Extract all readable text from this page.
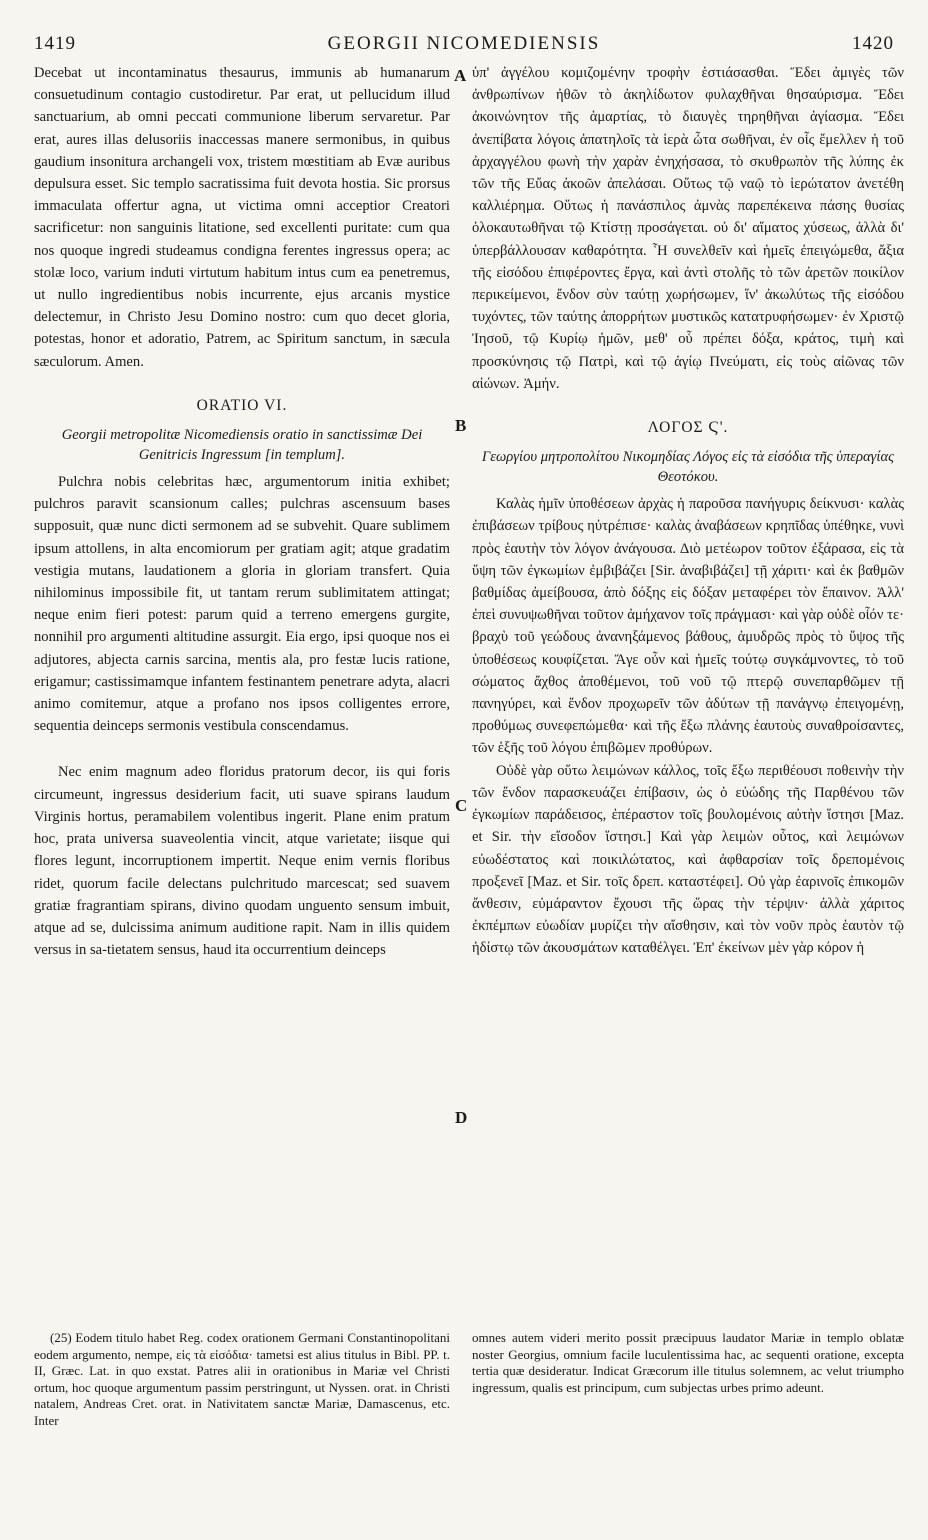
1419	GEORGII NICOMEDIENSIS	1420

Decebat ut incontaminatus thesaurus, immunis ab humanarum consuetudinum contagio custodiretur. Par erat, ut pellucidum illud sanctuarium, ab omni peccati communione liberum servaretur. Par erat, aures illas delusoriis inaccessas manere sermonibus, in quibus gaudium insonitura archangeli vox, tristem mœstitiam ab Evæ auribus depulsura esset. Sic templo sacratissima fuit devota hostia. Sic prorsus immaculata offertur agna, ut victima omni acceptior Creatori sacrificetur: non sanguinis litatione, sed excellenti puritate: cum qua nos quoque ingredi studeamus condigna ferentes ingressus opera; ac stolæ loco, varium induti virtutum habitum intus cum ea penetremus, ut nullo ingredientibus nobis incurrente, ejus arcanis mystice delectemur, in Christo Jesu Domino nostro: cum quo decet gloria, potestas, honor et adoratio, Patrem, ac Spiritum sanctum, in sæcula sæculorum. Amen.

ORATIO VI.
Georgii metropolitæ Nicomediensis oratio in sanctissimæ Dei Genitricis Ingressum [in templum].

Pulchra nobis celebritas hæc, argumentorum initia exhibet; pulchros paravit scansionum calles; pulchras ascensuum bases supposuit, quæ nunc dicti sermonem ad se subvehit. Quare sublimem ipsum attollens, in alta encomiorum per gratiam agit; atque gradatim vestigia mutans, laudationem a gloria in gloriam transfert. Quia nihilominus impossibile fit, ut tantam rerum sublimitatem attingat; neque enim fieri potest: parum quid a terreno emergens gurgite, nonnihil pro argumenti altitudine assurgit. Eia ergo, ipsi quoque nos ei adjutores, abjecta carnis sarcina, mentis ala, pro festæ lucis ratione, erigamur; castissimamque infantem festinantem penetrare adyta, alacri animo comitemur, atque a profano nos ipsos colligentes errore, sequentia deinceps sermonis vestibula conscendamus.

Nec enim magnum adeo floridus pratorum decor, iis qui foris circumeunt, ingressus desiderium facit, uti suave spirans laudum Virginis hortus, peramabilem volentibus ingerit. Plane enim pratum hoc, prata universa suaveolentia vincit, atque varietate; iisque qui flores legunt, incorruptionem impertit. Neque enim vernis floribus ridet, quorum facile delectans pulchritudo marcescat; sed suavem gratiæ fragrantiam spirans, divino quodam unguento sensum imbuit, atque ad se, dulcissima animum auditione rapit. Nam in illis quidem versus in sa-tietatem sensus, haud ita occurrentium deinceps

ὑπ' ἀγγέλου κομιζομένην τροφὴν ἑστιάσασθαι. Ἔδει ἀμιγὲς τῶν ἀνθρωπίνων ἠθῶν τὸ ἀκηλίδωτον φυλαχθῆναι θησαύρισμα. Ἔδει ἀκοινώνητον τῆς ἁμαρτίας, τὸ διαυγὲς τηρηθῆναι ἁγίασμα. Ἔδει ἀνεπίβατα λόγοις ἀπατηλοῖς τὰ ἱερὰ ὦτα σωθῆναι, ἐν οἷς ἔμελλεν ἡ τοῦ ἀρχαγγέλου φωνὴ τὴν χαρὰν ἐνηχήσασα, τὸ σκυθρωπὸν τῆς λύπης ἐκ τῶν τῆς Εὔας ἀκοῶν ἀπελάσαι. Οὕτως τῷ ναῷ τὸ ἱερώτατον ἀνετέθη καλλιέρημα. Οὕτως ἡ πανάσπιλος ἀμνὰς παρεπέκεινα πάσης θυσίας ὁλοκαυτωθῆναι τῷ Κτίστῃ προσάγεται. οὐ δι' αἵματος χύσεως, ἀλλὰ δι' ὑπερβάλλουσαν καθαρότητα. Ἧ συνελθεῖν καὶ ἡμεῖς ἐπειγώμεθα, ἄξια τῆς εἰσόδου ἐπιφέροντες ἔργα, καὶ ἀντὶ στολῆς τὸ τῶν ἀρετῶν ποικίλον περικείμενοι, ἔνδον σὺν ταύτῃ χωρήσωμεν, ἵν' ἀκωλύτως τῆς εἰσόδου τυχόντες, τῶν ταύτης ἀπορρήτων μυστικῶς κατατρυφήσωμεν· ἐν Χριστῷ Ἰησοῦ, τῷ Κυρίῳ ἡμῶν, μεθ' οὗ πρέπει δόξα, κράτος, τιμὴ καὶ προσκύνησις τῷ Πατρὶ, καὶ τῷ ἁγίῳ Πνεύματι, εἰς τοὺς αἰῶνας τῶν αἰώνων. Ἀμήν.

ΛΟΓΟΣ Ϛ'.
Γεωργίου μητροπολίτου Νικομηδίας Λόγος εἰς τὰ εἰσόδια τῆς ὑπεραγίας Θεοτόκου.

Καλὰς ἡμῖν ὑποθέσεων ἀρχὰς ἡ παροῦσα πανήγυρις δείκνυσι· καλὰς ἐπιβάσεων τρίβους ηὐτρέπισε· καλὰς ἀναβάσεων κρηπῖδας ὑπέθηκε, νυνὶ πρὸς ἑαυτὴν τὸν λόγον ἀνάγουσα. Διὸ μετέωρον τοῦτον ἐξάρασα, εἰς τὰ ὕψη τῶν ἐγκωμίων ἐμβιβάζει [Sir. ἀναβιβάζει] τῇ χάριτι· καὶ ἐκ βαθμῶν βαθμίδας ἀμείβουσα, ἀπὸ δόξης εἰς δόξαν μεταφέρει τὸν ἔπαινον. Ἀλλ' ἐπεὶ συνυψωθῆναι τοῦτον ἀμήχανον τοῖς πράγμασι· καὶ γὰρ οὐδὲ οἷόν τε· βραχὺ τοῦ γεώδους ἀνανηξάμενος βάθους, ἀμυδρῶς πρὸς τὸ ὕψος τῆς ὑποθέσεως κουφίζεται. Ἄγε οὖν καὶ ἡμεῖς τούτῳ συγκάμνοντες, τὸ τοῦ σώματος ἄχθος ἀποθέμενοι, τοῦ νοῦ τῷ πτερῷ συνεπαρθῶμεν τῇ πανηγύρει, καὶ ἔνδον προχωρεῖν τῶν ἀδύτων τῇ πανάγνῳ ἐπειγομένῃ, προθύμως συνεφεπώμεθα· καὶ τῆς ἔξω πλάνης ἑαυτοὺς συναθροίσαντες, τῶν ἑξῆς τοῦ λόγου ἐπιβῶμεν προθύρων.

Οὐδὲ γὰρ οὕτω λειμώνων κάλλος, τοῖς ἔξω περιθέουσι ποθεινὴν τὴν τῶν ἔνδον παρασκευάζει ἐπίβασιν, ὡς ὁ εὐώδης τῆς Παρθένου τῶν ἐγκωμίων παράδεισος, ἐπέραστον τοῖς βουλομένοις αὐτὴν ἵστησι [Maz. et Sir. τὴν εἴσοδον ἵστησι.] Καὶ γὰρ λειμὼν οὗτος, καὶ λειμώνων εὐωδέστατος καὶ ποικιλώτατος, καὶ ἀφθαρσίαν τοῖς δρεπομένοις προξενεῖ [Maz. et Sir. τοῖς δρεπ. καταστέφει]. Οὐ γὰρ ἐαρινοῖς ἐπικομῶν ἄνθεσιν, εὐμάραντον ἔχουσι τῆς ὥρας τὴν τέρψιν· ἀλλὰ χάριτος ἐκπέμπων εὐωδίαν μυρίζει τὴν αἴσθησιν, καὶ τὸν νοῦν πρὸς ἑαυτὸν τῷ ἡδίστῳ τῶν ἀκουσμάτων καταθέλγει. Ἐπ' ἐκείνων μὲν γὰρ κόρον ἡ

A
B
C
D

(25) Eodem titulo habet Reg. codex orationem Germani Constantinopolitani eodem argumento, nempe, εἰς τὰ εἰσόδια· tametsi est alius titulus in Bibl. PP. t. II, Græc. Lat. in quo exstat. Patres alii in orationibus in Mariæ vel Christi ortum, hoc quoque argumentum passim perstringunt, ut Nyssen. orat. in Christi natalem, Andreas Cret. orat. in Nativitatem sanctæ Mariæ, Damascenus, etc. Inter

omnes autem videri merito possit præcipuus laudator Mariæ in templo oblatæ noster Georgius, omnium facile luculentissima hac, ac sequenti oratione, excepta tertia quæ desideratur. Indicat Græcorum ille titulus solemnem, ac velut triumpho ingressum, qualis est principum, cum subjectas urbes primo adeunt.
